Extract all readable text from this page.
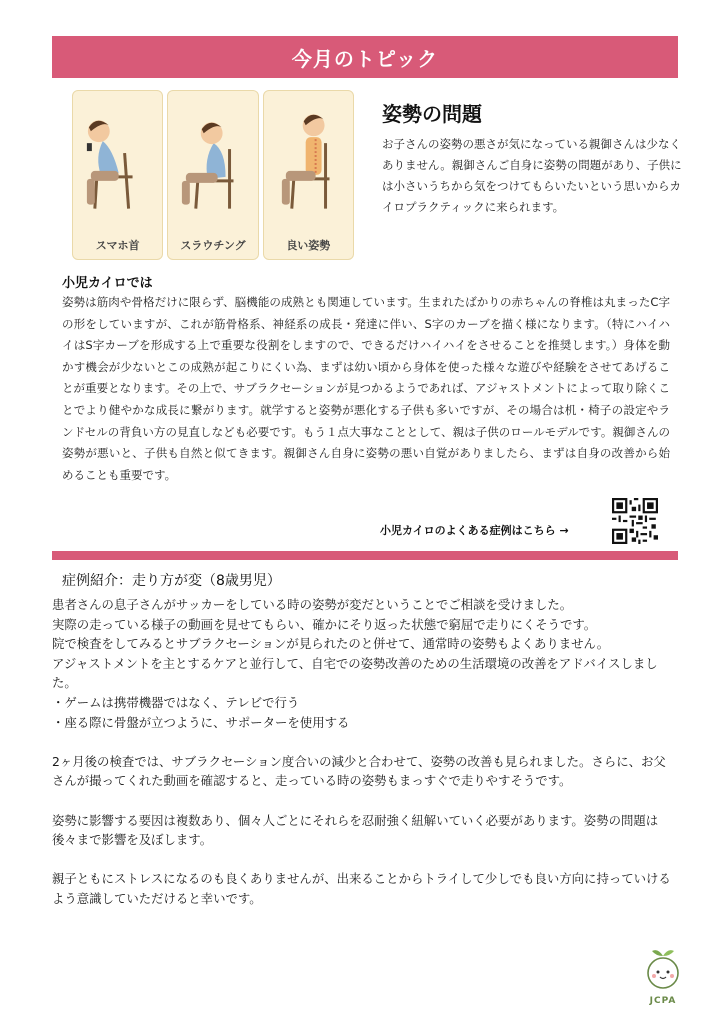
今月のトピック
スマホ首	スラウチング	良い姿勢
姿勢の問題
お子さんの姿勢の悪さが気になっている親御さんは少なくありません。親御さんご自身に姿勢の問題があり、子供には小さいうちから気をつけてもらいたいという思いからカイロプラクティックに来られます。
小児カイロでは
姿勢は筋肉や骨格だけに限らず、脳機能の成熟とも関連しています。生まれたばかりの赤ちゃんの脊椎は丸まったC字の形をしていますが、これが筋骨格系、神経系の成長・発達に伴い、S字のカーブを描く様になります。（特にハイハイはS字カーブを形成する上で重要な役割をしますので、できるだけハイハイをさせることを推奨します。）身体を動かす機会が少ないとこの成熟が起こりにくい為、まずは幼い頃から身体を使った様々な遊びや経験をさせてあげることが重要となります。その上で、サブラクセーションが見つかるようであれば、アジャストメントによって取り除くことでより健やかな成長に繋がります。就学すると姿勢が悪化する子供も多いですが、その場合は机・椅子の設定やランドセルの背負い方の見直しなども必要です。もう１点大事なこととして、親は子供のロールモデルです。親御さんの姿勢が悪いと、子供も自然と似てきます。親御さん自身に姿勢の悪い自覚がありましたら、まずは自身の改善から始めることも重要です。
小児カイロのよくある症例はこちら →
症例紹介：走り方が変（8歳男児）

患者さんの息子さんがサッカーをしている時の姿勢が変だということでご相談を受けました。

実際の走っている様子の動画を見せてもらい、確かにそり返った状態で窮屈で走りにくそうです。

院で検査をしてみるとサブラクセーションが見られたのと併せて、通常時の姿勢もよくありません。

アジャストメントを主とするケアと並行して、自宅での姿勢改善のための生活環境の改善をアドバイスしました。

・ゲームは携帯機器ではなく、テレビで行う

・座る際に骨盤が立つように、サポーターを使用する

2ヶ月後の検査では、サブラクセーション度合いの減少と合わせて、姿勢の改善も見られました。さらに、お父さんが撮ってくれた動画を確認すると、走っている時の姿勢もまっすぐで走りやすそうです。

姿勢に影響する要因は複数あり、個々人ごとにそれらを忍耐強く紐解いていく必要があります。姿勢の問題は後々まで影響を及ぼします。

親子ともにストレスになるのも良くありませんが、出来ることからトライして少しでも良い方向に持っていけるよう意識していただけると幸いです。

JCPA
